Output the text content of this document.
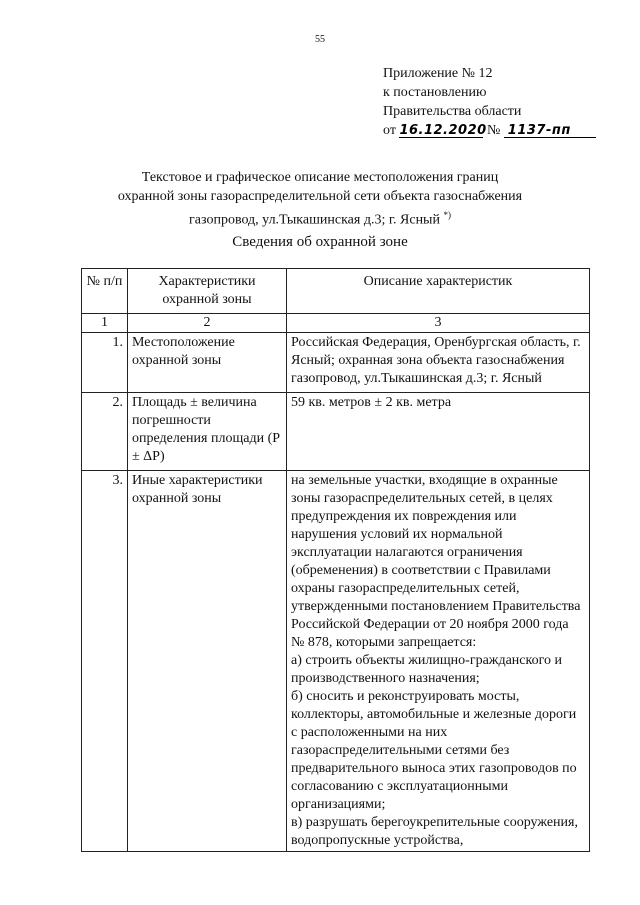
55
Приложение № 12
к постановлению
Правительства области
от 16.12.2020 № 1137-пп
Текстовое и графическое описание местоположения границ
охранной зоны газораспределительной сети объекта газоснабжения
газопровод, ул.Тыкашинская д.3; г. Ясный *)
Сведения об охранной зоне
№ п/п	Характеристики охранной зоны	Описание характеристик
1	2	3
1.	Местоположение охранной зоны	Российская Федерация, Оренбургская область, г. Ясный; охранная зона объекта газоснабжения газопровод, ул.Тыкашинская д.3; г. Ясный
2.	Площадь ± величина погрешности определения площади (P ± ΔP)	59 кв. метров ± 2 кв. метра
3.	Иные характеристики охранной зоны	на земельные участки, входящие в охранные зоны газораспределительных сетей, в целях предупреждения их повреждения или нарушения условий их нормальной эксплуатации налагаются ограничения (обременения) в соответствии с Правилами охраны газораспределительных сетей, утвержденными постановлением Правительства Российской Федерации от 20 ноября 2000 года № 878, которыми запрещается:
а) строить объекты жилищно-гражданского и производственного назначения;
б) сносить и реконструировать мосты, коллекторы, автомобильные и железные дороги с расположенными на них газораспределительными сетями без предварительного выноса этих газопроводов по согласованию с эксплуатационными организациями;
в) разрушать берегоукрепительные сооружения, водопропускные устройства,
